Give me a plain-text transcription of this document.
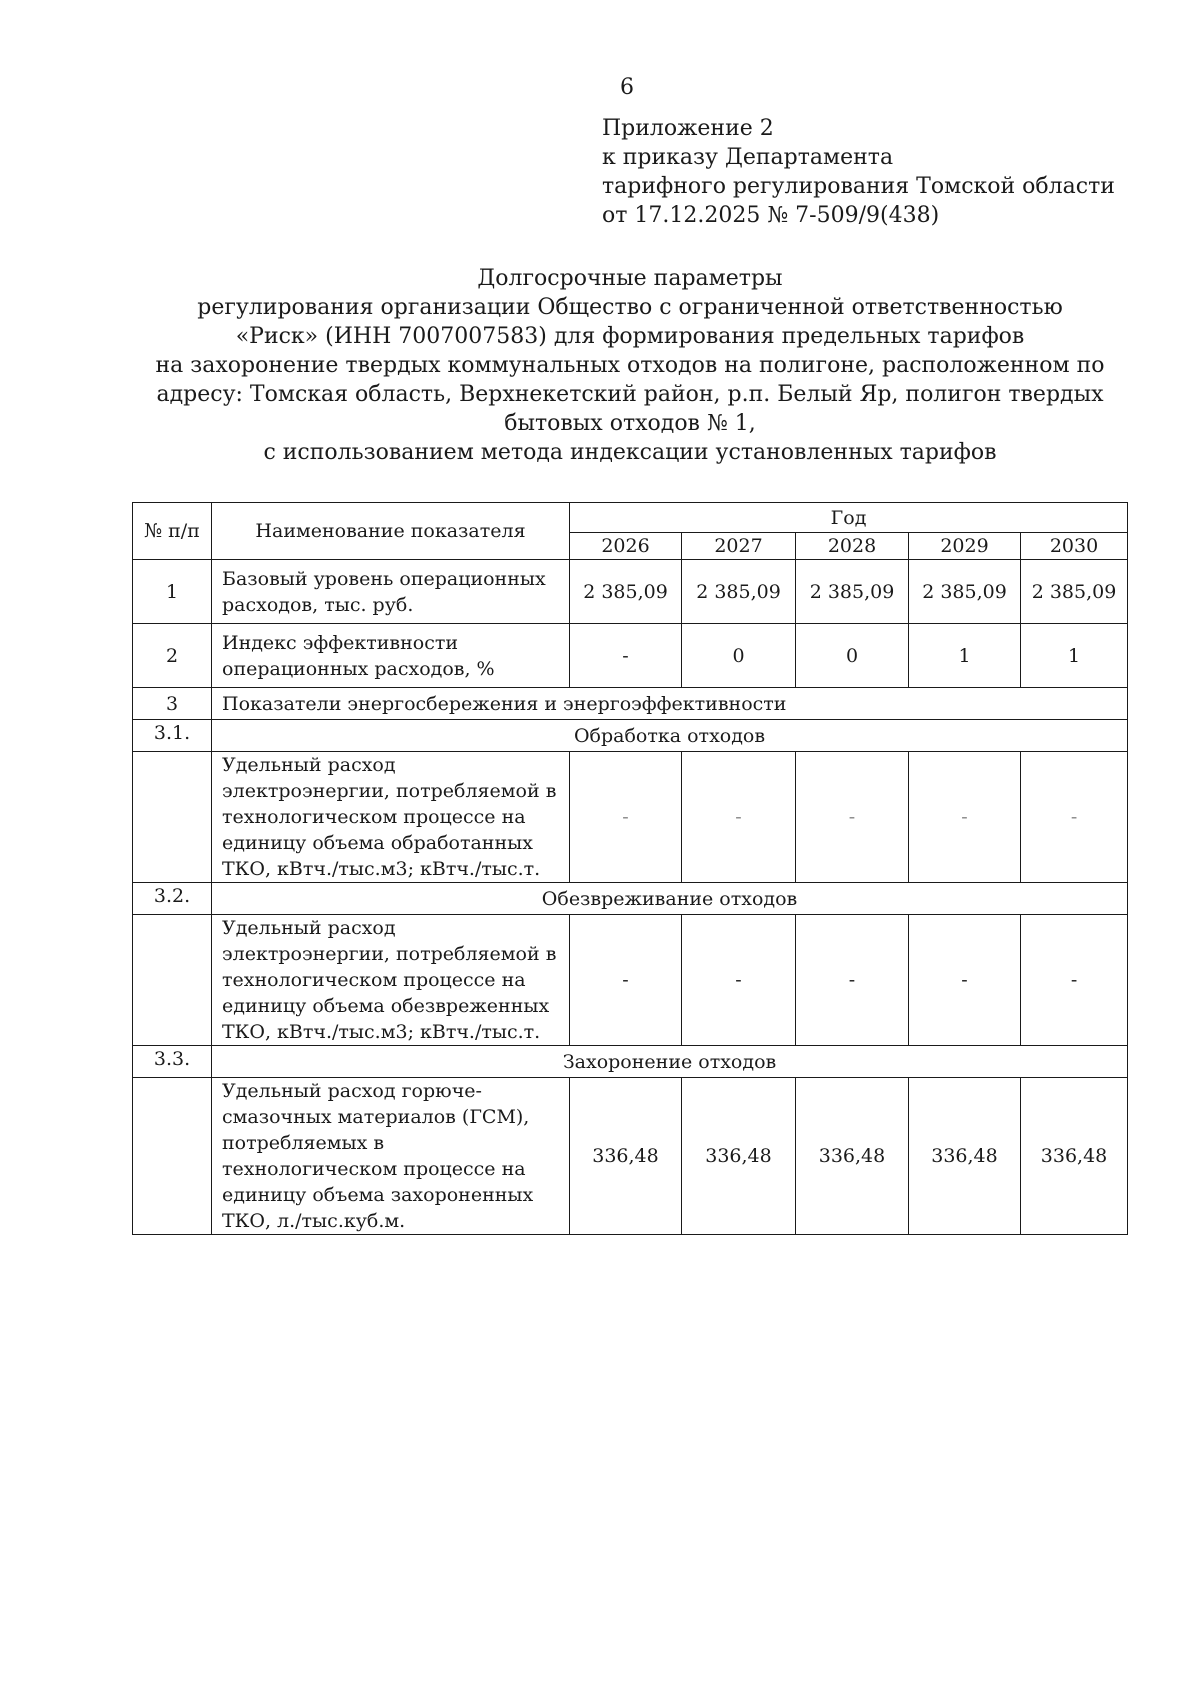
6
Приложение 2
к приказу Департамента
тарифного регулирования Томской области
от 17.12.2025 № 7-509/9(438)
Долгосрочные параметры
регулирования организации Общество с ограниченной ответственностью
«Риск» (ИНН 7007007583) для формирования предельных тарифов
на захоронение твердых коммунальных отходов на полигоне, расположенном по
адресу: Томская область, Верхнекетский район, р.п. Белый Яр, полигон твердых
бытовых отходов № 1,
с использованием метода индексации установленных тарифов
№ п/п	Наименование показателя	Год				
		2026	2027	2028	2029	2030
1	Базовый уровень операционных расходов, тыс. руб.	2 385,09	2 385,09	2 385,09	2 385,09	2 385,09
2	Индекс эффективности операционных расходов, %	-	0	0	1	1
3	Показатели энергосбережения и энергоэффективности					
3.1.	Обработка отходов					
	Удельный расход электроэнергии, потребляемой в технологическом процессе на единицу объема обработанных ТКО, кВтч./тыс.м3; кВтч./тыс.т.	-	-	-	-	-
3.2.	Обезвреживание отходов					
	Удельный расход электроэнергии, потребляемой в технологическом процессе на единицу объема обезвреженных ТКО, кВтч./тыс.м3; кВтч./тыс.т.	-	-	-	-	-
3.3.	Захоронение отходов					
	Удельный расход горюче-смазочных материалов (ГСМ), потребляемых в технологическом процессе на единицу объема захороненных ТКО, л./тыс.куб.м.	336,48	336,48	336,48	336,48	336,48
